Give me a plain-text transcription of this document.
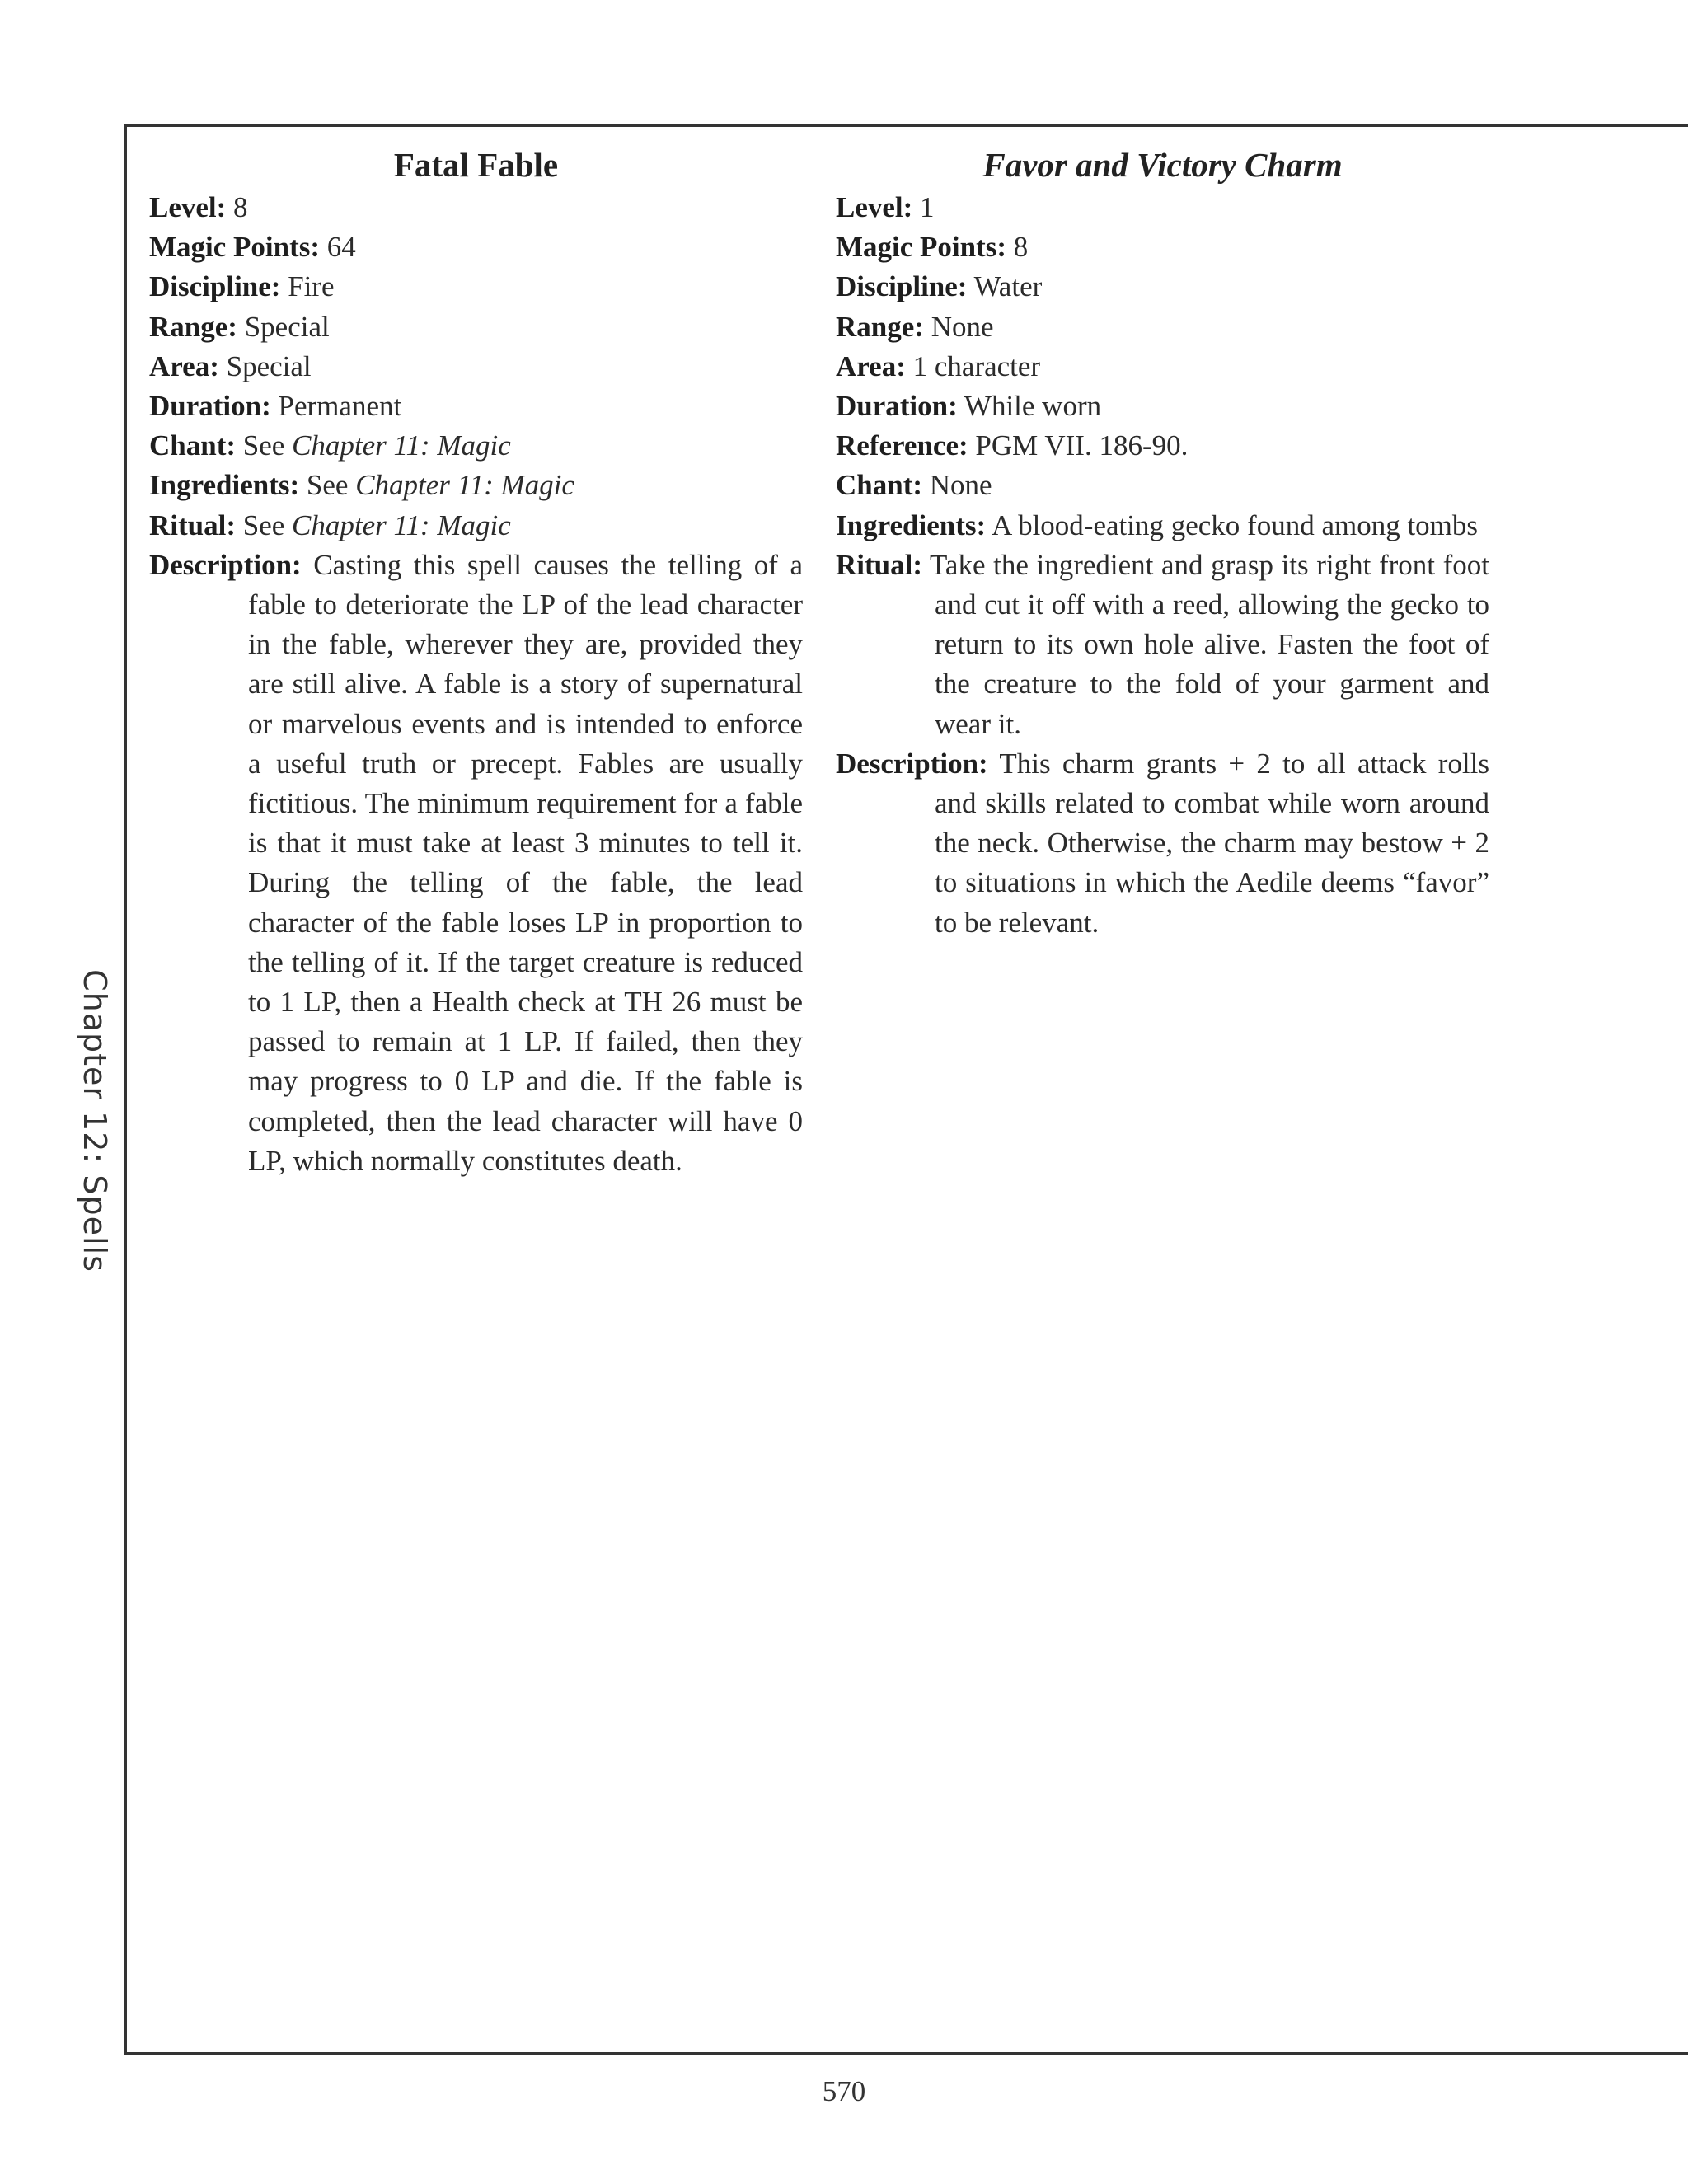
Chapter 12: Spells
Fatal Fable

Level: 8

Magic Points: 64

Discipline: Fire

Range: Special

Area: Special

Duration: Permanent

Chant: See Chapter 11: Magic

Ingredients: See Chapter 11: Magic

Ritual: See Chapter 11: Magic

Description: Casting this spell causes the telling of a fable to deteriorate the LP of the lead character in the fable, wherever they are, provided they are still alive. A fable is a story of supernatural or marvelous events and is intended to enforce a useful truth or precept. Fables are usually fictitious. The minimum requirement for a fable is that it must take at least 3 minutes to tell it. During the telling of the fable, the lead character of the fable loses LP in proportion to the telling of it. If the target creature is reduced to 1 LP, then a Health check at TH 26 must be passed to remain at 1 LP. If failed, then they may progress to 0 LP and die. If the fable is completed, then the lead character will have 0 LP, which normally constitutes death.

Favor and Victory Charm

Level: 1

Magic Points: 8

Discipline: Water

Range: None

Area: 1 character

Duration: While worn

Reference: PGM VII. 186-90.

Chant: None

Ingredients: A blood-eating gecko found among tombs

Ritual: Take the ingredient and grasp its right front foot and cut it off with a reed, allowing the gecko to return to its own hole alive. Fasten the foot of the creature to the fold of your garment and wear it.

Description: This charm grants + 2 to all attack rolls and skills related to combat while worn around the neck. Otherwise, the charm may bestow + 2 to situations in which the Aedile deems “favor” to be relevant.

570
